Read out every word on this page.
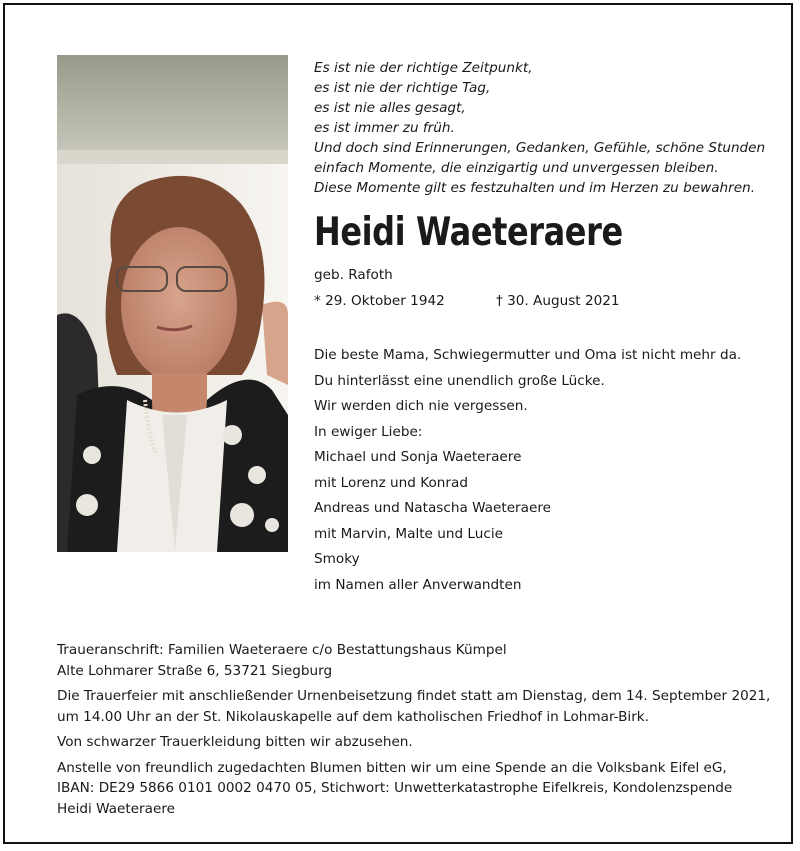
Es ist nie der richtige Zeitpunkt,
es ist nie der richtige Tag,
es ist nie alles gesagt,
es ist immer zu früh.
Und doch sind Erinnerungen, Gedanken, Gefühle, schöne Stunden
einfach Momente, die einzigartig und unvergessen bleiben.
Diese Momente gilt es festzuhalten und im Herzen zu bewahren.
Heidi Waeteraere
geb. Rafoth
* 29. Oktober 1942	† 30. August 2021
Die beste Mama, Schwiegermutter und Oma ist nicht mehr da.
Du hinterlässt eine unendlich große Lücke.
Wir werden dich nie vergessen.
In ewiger Liebe:
Michael und Sonja Waeteraere
mit Lorenz und Konrad
Andreas und Natascha Waeteraere
mit Marvin, Malte und Lucie
Smoky
im Namen aller Anverwandten

Traueranschrift: Familien Waeteraere c/o Bestattungshaus Kümpel
Alte Lohmarer Straße 6, 53721 Siegburg

Die Trauerfeier mit anschließender Urnenbeisetzung findet statt am Dienstag, dem 14. September 2021,
um 14.00 Uhr an der St. Nikolauskapelle auf dem katholischen Friedhof in Lohmar-Birk.

Von schwarzer Trauerkleidung bitten wir abzusehen.

Anstelle von freundlich zugedachten Blumen bitten wir um eine Spende an die Volksbank Eifel eG,
IBAN: DE29 5866 0101 0002 0470 05, Stichwort: Unwetterkatastrophe Eifelkreis, Kondolenzspende
Heidi Waeteraere
